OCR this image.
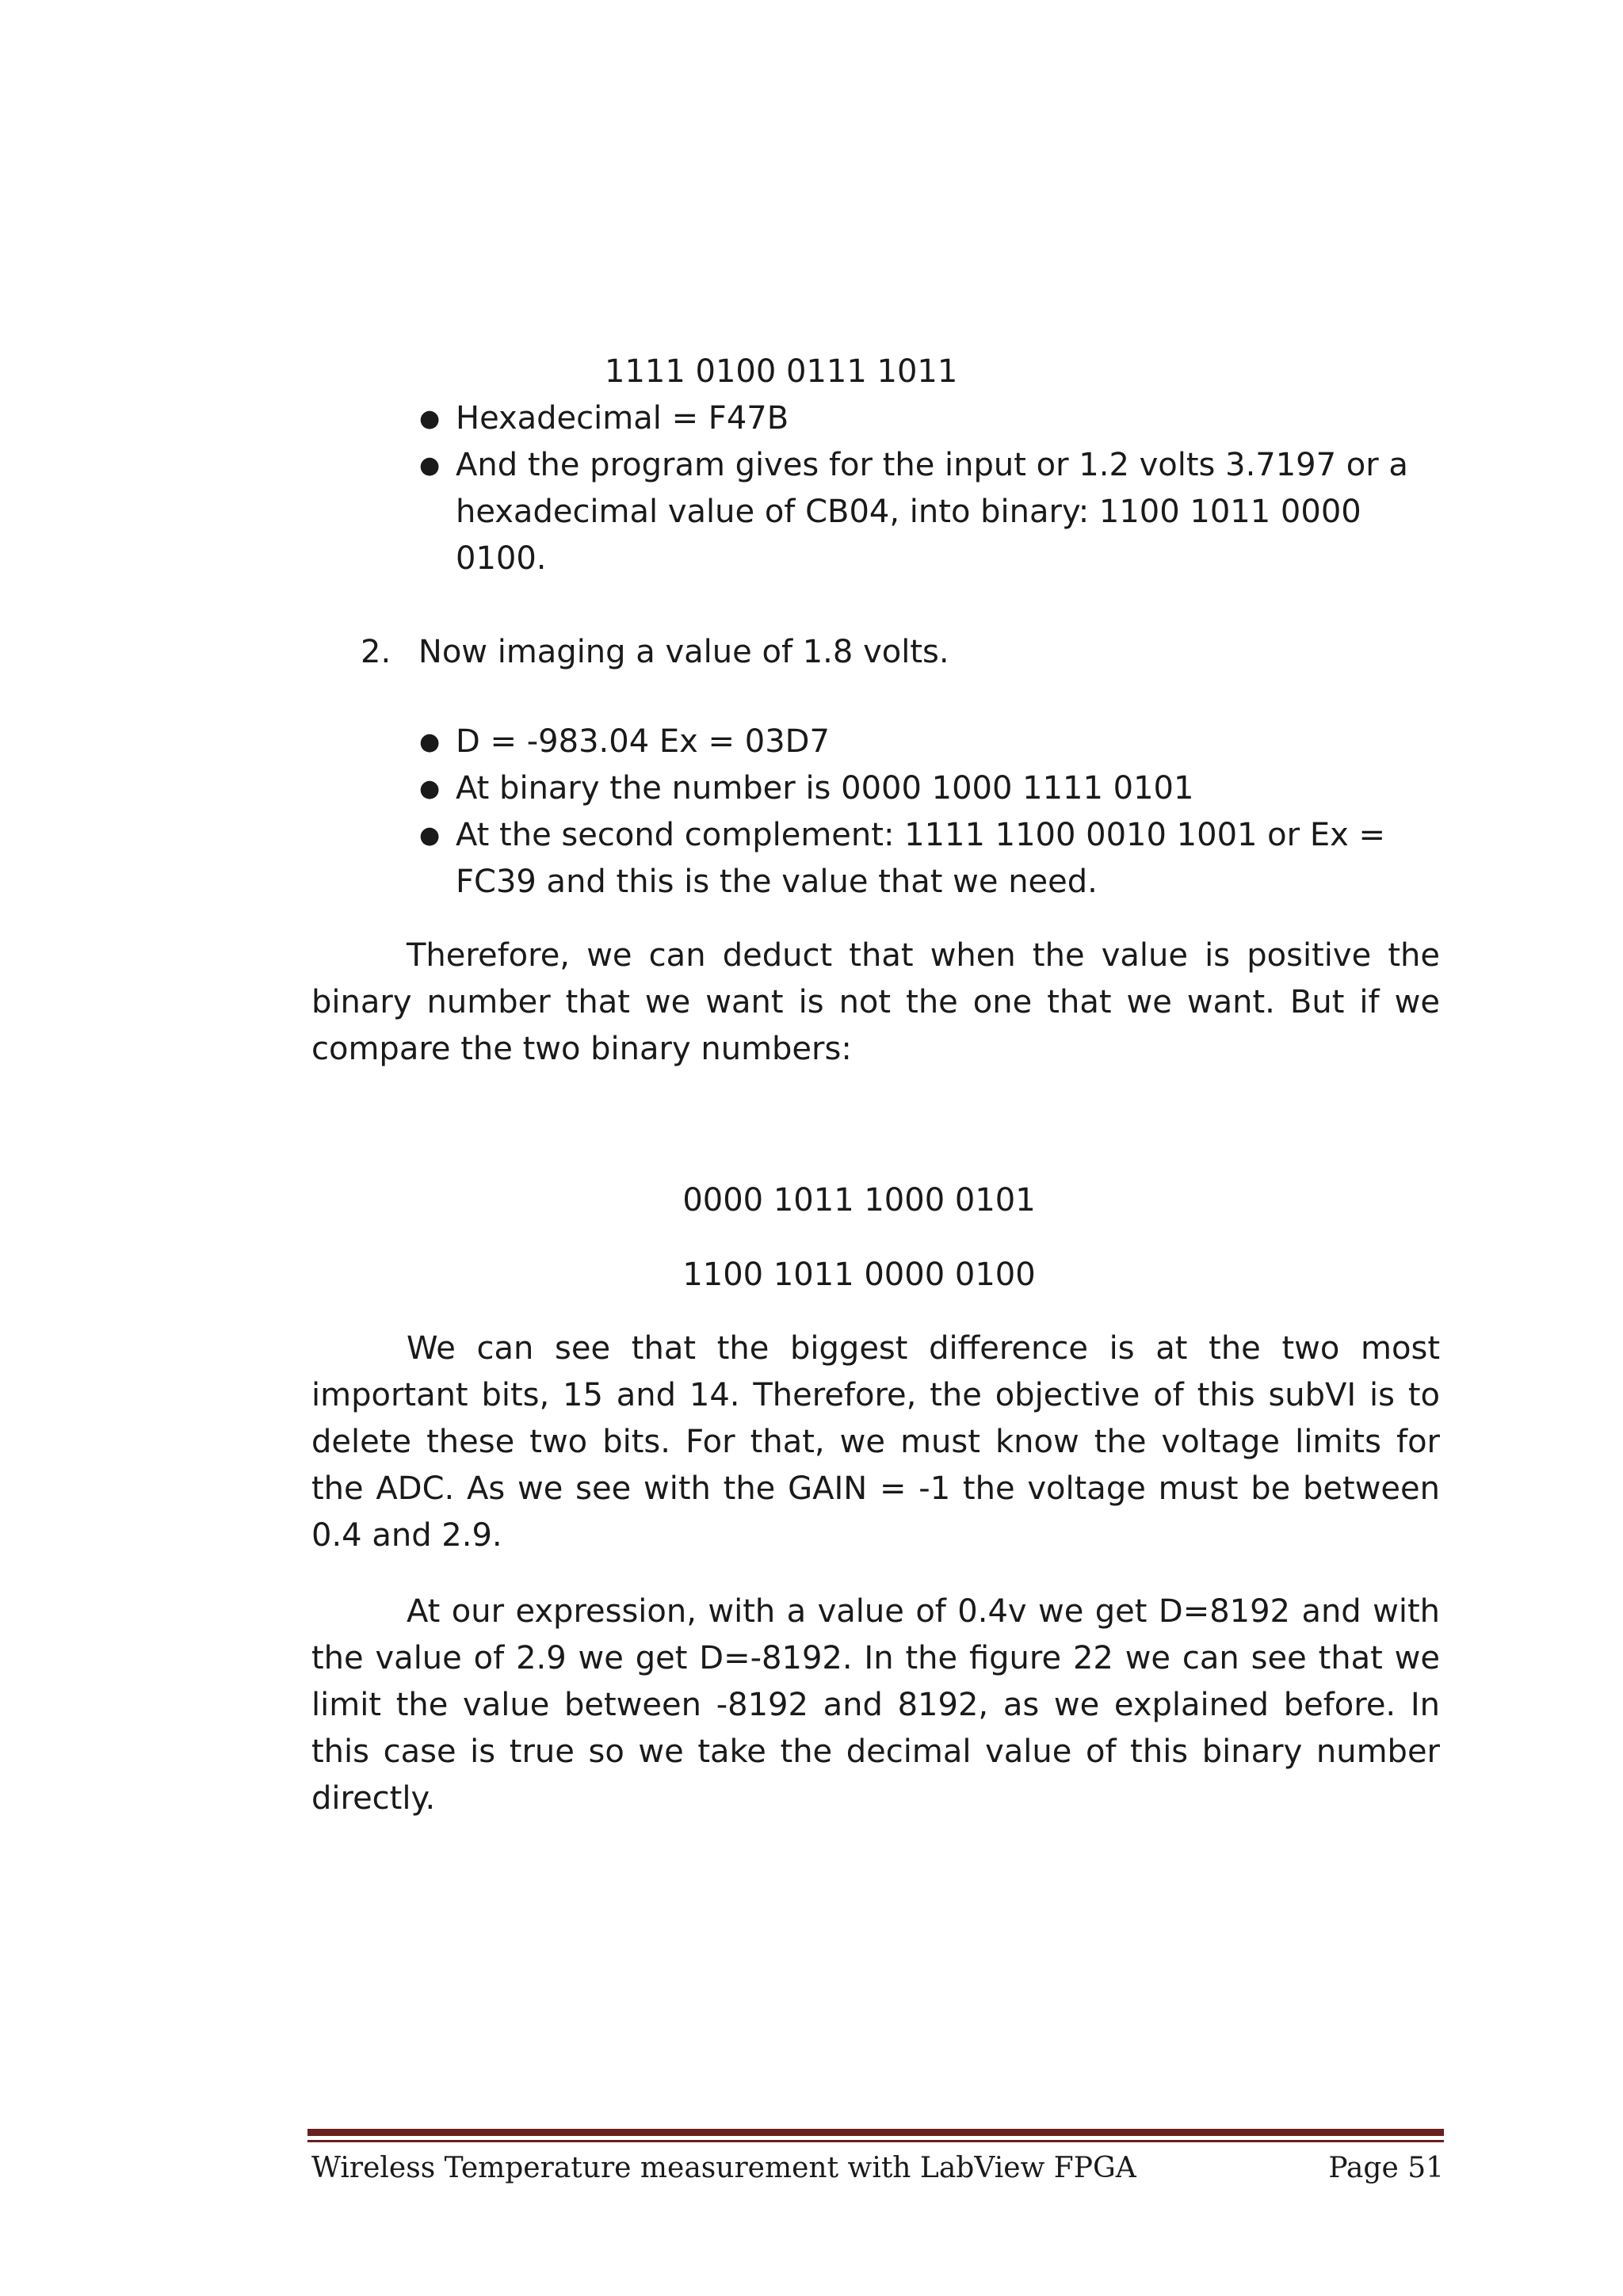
1111 0100 0111 1011
● Hexadecimal = F47B
● And the program gives for the input or 1.2 volts 3.7197 or a hexadecimal value of CB04, into binary: 1100 1011 0000 0100.
2. Now imaging a value of 1.8 volts.
● D = -983.04 Ex = 03D7
● At binary the number is 0000 1000 1111 0101
● At the second complement: 1111 1100 0010 1001 or Ex = FC39 and this is the value that we need.
Therefore, we can deduct that when the value is positive the binary number that we want is not the one that we want. But if we compare the two binary numbers:
0000 1011 1000 0101
1100 1011 0000 0100
We can see that the biggest difference is at the two most important bits, 15 and 14. Therefore, the objective of this subVI is to delete these two bits. For that, we must know the voltage limits for the ADC. As we see with the GAIN = -1 the voltage must be between 0.4 and 2.9.
At our expression, with a value of 0.4v we get D=8192 and with the value of 2.9 we get D=-8192. In the figure 22 we can see that we limit the value between -8192 and 8192, as we explained before. In this case is true so we take the decimal value of this binary number directly.
Wireless Temperature measurement with LabView FPGA	Page 51
